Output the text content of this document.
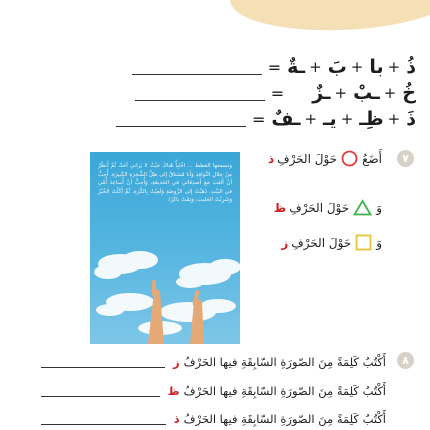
ذُ
+
با
+
بَ
+
ـةٌ
=
خُ
+
ـبْ
+
ـزٌ
=
ذَ
+
ظِـ
+
يـ
+
ـفٌ
=
٧
وتسمعها القطط ... اخْتَبِأُ هُناكَ حَيْثُ لا يَراني أحَدٌ، ثُمَّ أَنظُرُ مِنْ خِلالِ النَّوافِذِ وَأَنا مُشتاقٌ إلى ظِلِّ الشَّجَرَةِ الكَبيرَةِ. أُحِبُّ أنْ أَلعَبَ مَعَ أَصدِقائي في الحَديقَةِ، وَأُحِبُّ أنْ أُساعِدَ أُمّي في البَيْتِ. ذَهَبْتُ إلى الرَّوضَةِ وَلَعِبْتُ بِالكُرَةِ، ثُمَّ أَكَلْتُ الخُبْزَ وَشَرِبْتُ الحَليبَ، وَنِمْتُ باكِرًا.
أَضَعُ
حَوْلَ الحَرْفِ
ذ
وَ
حَوْلَ الحَرْفِ
ظ
وَ
حَوْلَ الحَرْفِ
ز
٨
أَكْتُبُ كَلِمَةً مِنَ الصّورَةِ السّابِقَةِ فيها الحَرْفُ
ز
أَكْتُبُ كَلِمَةً مِنَ الصّورَةِ السّابِقَةِ فيها الحَرْفُ
ظ
أَكْتُبُ كَلِمَةً مِنَ الصّورَةِ السّابِقَةِ فيها الحَرْفُ
ذ
